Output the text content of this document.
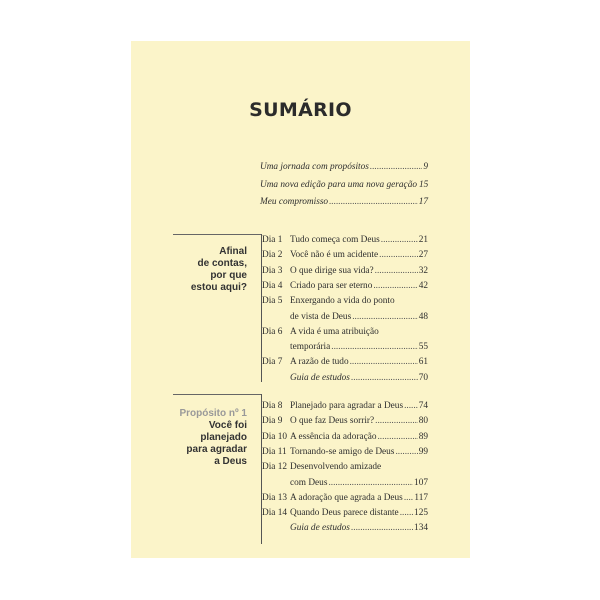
SUMÁRIO
Uma jornada com propósitos .....	9
Uma nova edição para uma nova geração 15
Meu compromisso .....	17
Afinal
de contas,
por que
estou aqui?
Dia 1 Tudo começa com Deus .....	21
Dia 2 Você não é um acidente .....	27
Dia 3 O que dirige sua vida? .....	32
Dia 4 Criado para ser eterno .....	42
Dia 5 Enxergando a vida do ponto
de vista de Deus .....	48
Dia 6 A vida é uma atribuição
temporária .....	55
Dia 7 A razão de tudo .....	61
Guia de estudos .....	70
Propósito nº 1
Você foi
planejado
para agradar
a Deus
Dia 8 Planejado para agradar a Deus ..... 74
Dia 9 O que faz Deus sorrir? .....	80
Dia 10 A essência da adoração .....	89
Dia 11 Tornando-se amigo de Deus .....	99
Dia 12 Desenvolvendo amizade
com Deus .....	107
Dia 13 A adoração que agrada a Deus ..... 117
Dia 14 Quando Deus parece distante ..... 125
Guia de estudos .....	134
